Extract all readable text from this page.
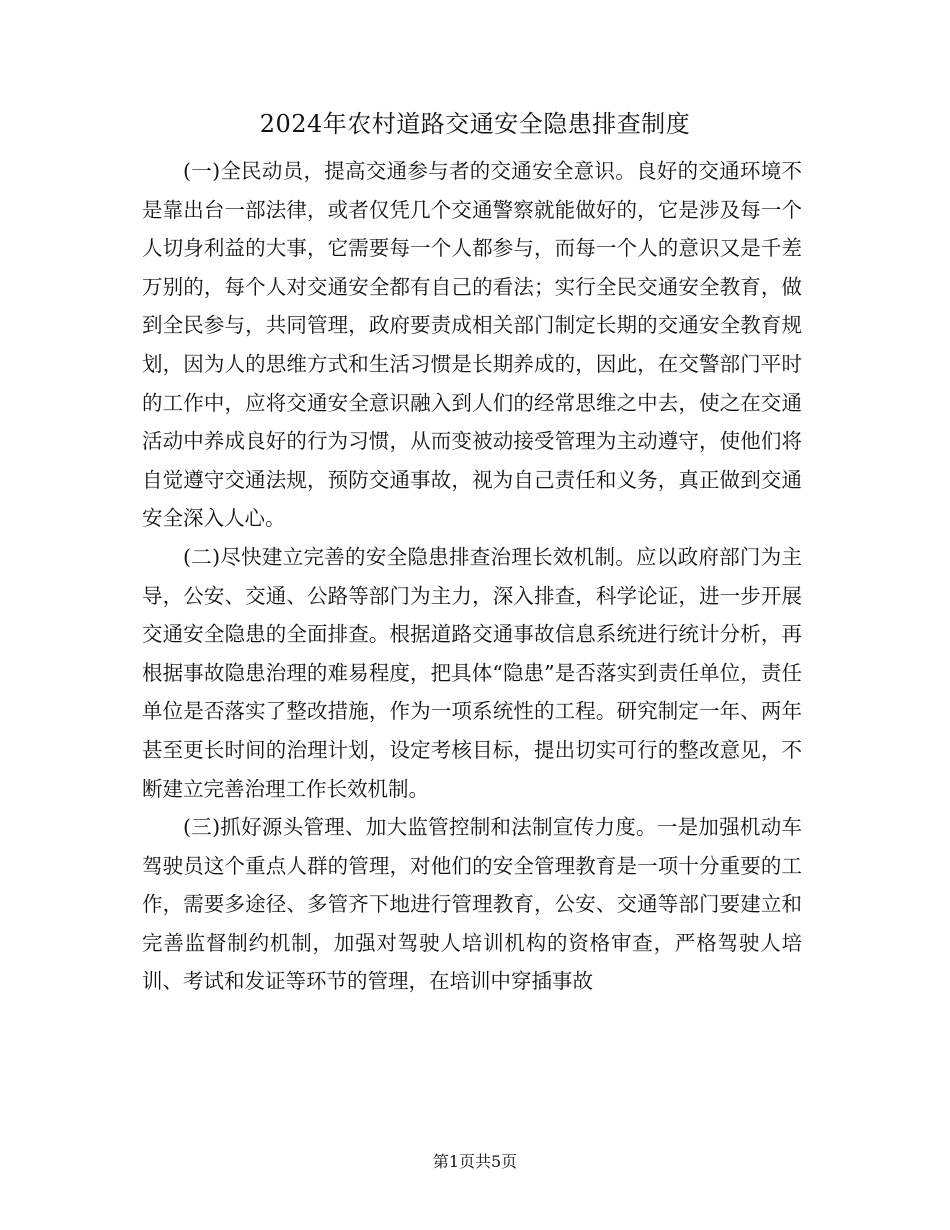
2024年农村道路交通安全隐患排查制度

(一)全民动员，提高交通参与者的交通安全意识。良好的交通环境不是靠出台一部法律，或者仅凭几个交通警察就能做好的，它是涉及每一个人切身利益的大事，它需要每一个人都参与，而每一个人的意识又是千差万别的，每个人对交通安全都有自己的看法；实行全民交通安全教育，做到全民参与，共同管理，政府要责成相关部门制定长期的交通安全教育规划，因为人的思维方式和生活习惯是长期养成的，因此，在交警部门平时的工作中，应将交通安全意识融入到人们的经常思维之中去，使之在交通活动中养成良好的行为习惯，从而变被动接受管理为主动遵守，使他们将自觉遵守交通法规，预防交通事故，视为自己责任和义务，真正做到交通安全深入人心。

(二)尽快建立完善的安全隐患排查治理长效机制。应以政府部门为主导，公安、交通、公路等部门为主力，深入排查，科学论证，进一步开展交通安全隐患的全面排查。根据道路交通事故信息系统进行统计分析，再根据事故隐患治理的难易程度，把具体“隐患”是否落实到责任单位，责任单位是否落实了整改措施，作为一项系统性的工程。研究制定一年、两年甚至更长时间的治理计划，设定考核目标，提出切实可行的整改意见，不断建立完善治理工作长效机制。

(三)抓好源头管理、加大监管控制和法制宣传力度。一是加强机动车驾驶员这个重点人群的管理，对他们的安全管理教育是一项十分重要的工作，需要多途径、多管齐下地进行管理教育，公安、交通等部门要建立和完善监督制约机制，加强对驾驶人培训机构的资格审查，严格驾驶人培训、考试和发证等环节的管理，在培训中穿插事故

第1页共5页
